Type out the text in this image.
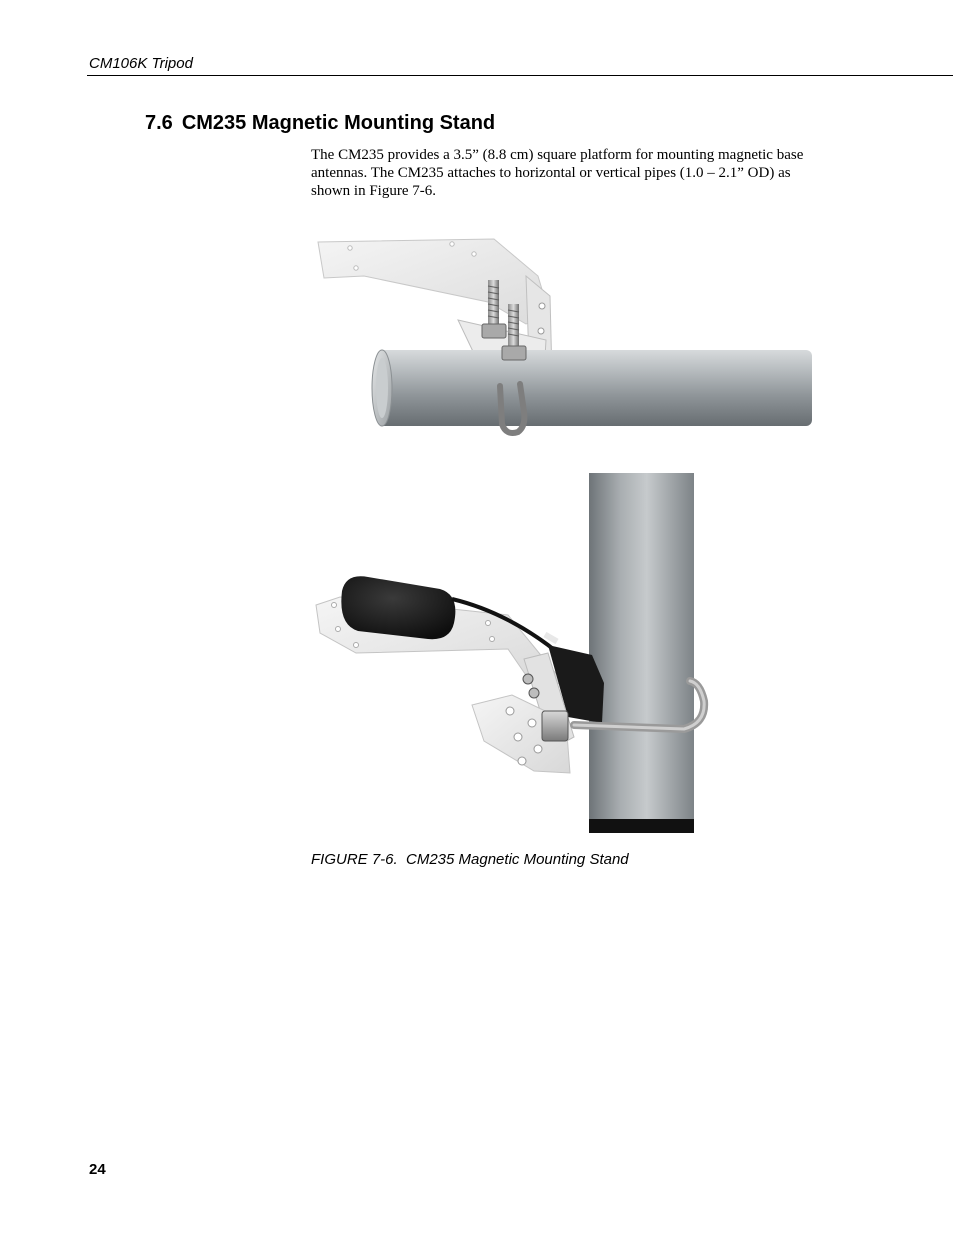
CM106K Tripod
7.6 CM235 Magnetic Mounting Stand

The CM235 provides a 3.5” (8.8 cm) square platform for mounting magnetic base antennas. The CM235 attaches to horizontal or vertical pipes (1.0 – 2.1” OD) as shown in Figure 7-6.

FIGURE 7-6.  CM235 Magnetic Mounting Stand
24
